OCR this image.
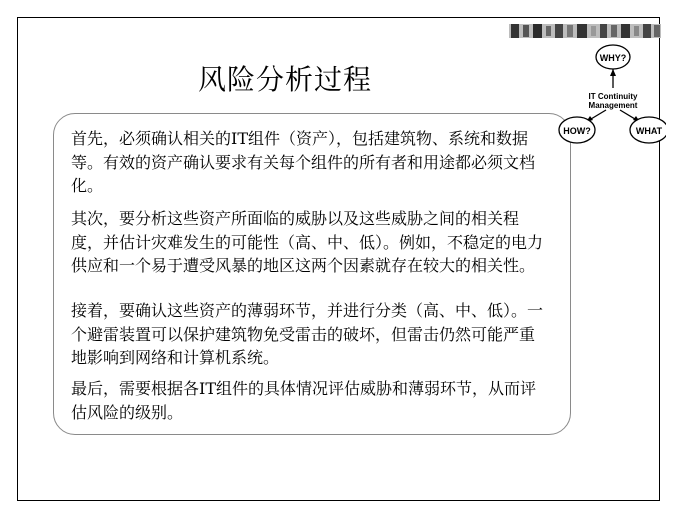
风险分析过程
首先，必须确认相关的IT组件（资产），包括建筑物、系统和数据等。有效的资产确认要求有关每个组件的所有者和用途都必须文档化。
其次，要分析这些资产所面临的威胁以及这些威胁之间的相关程度，并估计灾难发生的可能性（高、中、低）。例如，不稳定的电力供应和一个易于遭受风暴的地区这两个因素就存在较大的相关性。
接着，要确认这些资产的薄弱环节，并进行分类（高、中、低）。一个避雷装置可以保护建筑物免受雷击的破坏，但雷击仍然可能严重地影响到网络和计算机系统。
最后，需要根据各IT组件的具体情况评估威胁和薄弱环节，从而评估风险的级别。
WHY?
IT Continuity
Management
HOW?	WHAT
